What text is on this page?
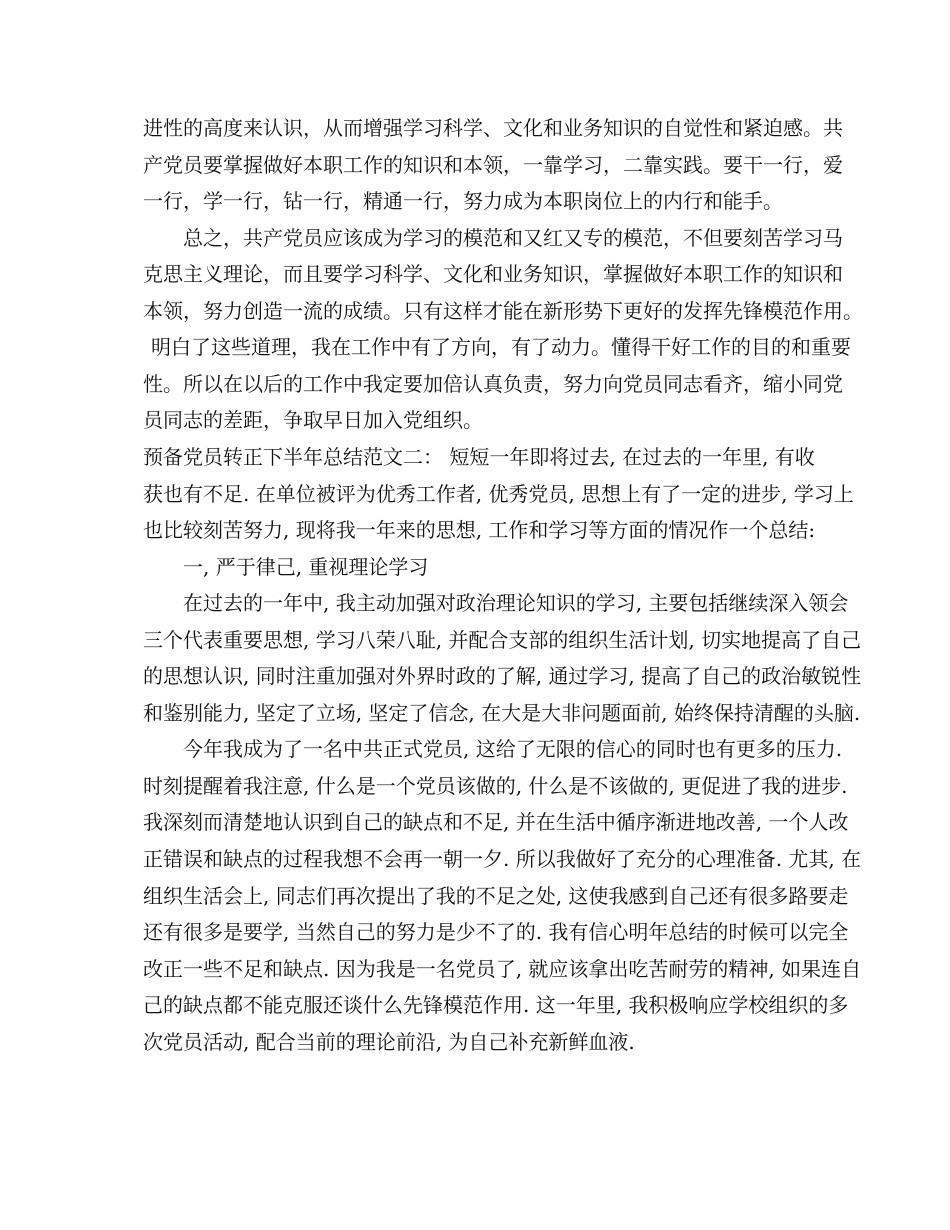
进性的高度来认识，从而增强学习科学、文化和业务知识的自觉性和紧迫感。共
产党员要掌握做好本职工作的知识和本领，一靠学习，二靠实践。要干一行，爱
一行，学一行，钻一行，精通一行，努力成为本职岗位上的内行和能手。
总之，共产党员应该成为学习的模范和又红又专的模范，不但要刻苦学习马
克思主义理论，而且要学习科学、文化和业务知识，掌握做好本职工作的知识和
本领，努力创造一流的成绩。只有这样才能在新形势下更好的发挥先锋模范作用。
明白了这些道理，我在工作中有了方向，有了动力。懂得干好工作的目的和重要
性。所以在以后的工作中我定要加倍认真负责，努力向党员同志看齐，缩小同党
员同志的差距，争取早日加入党组织。
预备党员转正下半年总结范文二： 短短一年即将过去, 在过去的一年里, 有收
获也有不足. 在单位被评为优秀工作者, 优秀党员, 思想上有了一定的进步, 学习上
也比较刻苦努力, 现将我一年来的思想, 工作和学习等方面的情况作一个总结:
一, 严于律己, 重视理论学习
在过去的一年中, 我主动加强对政治理论知识的学习, 主要包括继续深入领会
三个代表重要思想, 学习八荣八耻, 并配合支部的组织生活计划, 切实地提高了自己
的思想认识, 同时注重加强对外界时政的了解, 通过学习, 提高了自己的政治敏锐性
和鉴别能力, 坚定了立场, 坚定了信念, 在大是大非问题面前, 始终保持清醒的头脑.
今年我成为了一名中共正式党员, 这给了无限的信心的同时也有更多的压力.
时刻提醒着我注意, 什么是一个党员该做的, 什么是不该做的, 更促进了我的进步.
我深刻而清楚地认识到自己的缺点和不足, 并在生活中循序渐进地改善, 一个人改
正错误和缺点的过程我想不会再一朝一夕. 所以我做好了充分的心理准备. 尤其, 在
组织生活会上, 同志们再次提出了我的不足之处, 这使我感到自己还有很多路要走
还有很多是要学, 当然自己的努力是少不了的. 我有信心明年总结的时候可以完全
改正一些不足和缺点. 因为我是一名党员了, 就应该拿出吃苦耐劳的精神, 如果连自
己的缺点都不能克服还谈什么先锋模范作用. 这一年里, 我积极响应学校组织的多
次党员活动, 配合当前的理论前沿, 为自己补充新鲜血液.
